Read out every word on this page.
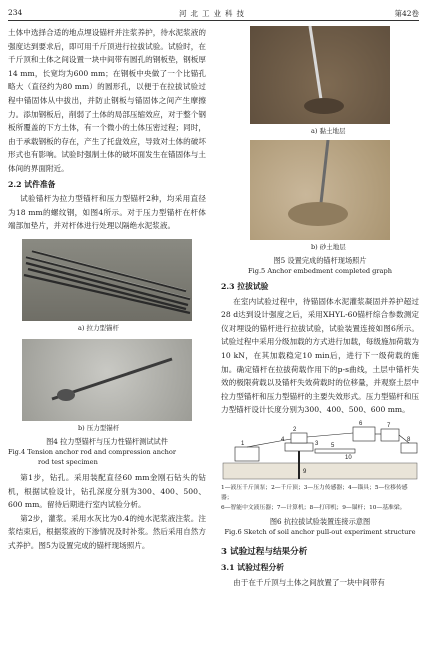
234	河北工业科技	第42卷

土体中选择合适的地点埋设锚杆并注浆养护，待水泥浆液的强度达到要求后，即可用千斤顶进行拉拔试验。试验时，在千斤顶和土体之间设置一块中间带有圆孔的钢板垫，钢板厚14 mm，长宽均为600 mm；在钢板中央做了一个比锚孔略大（直径约为80 mm）的圆形孔，以便于在拉拔试验过程中锚固体从中拔出，并防止钢板与锚固体之间产生摩擦力。添加钢板后，削弱了土体的局部压缩效应，对于整个钢板所覆盖的下方土体，有一个微小的土体压密过程；同时，由于承载钢板的存在，产生了托盘效应，导致对土体的破坏形式也有影响。试验时强制土体的破坏面发生在锚固体与土体间的界面附近。

2.2 试件准备

试验锚杆为拉力型锚杆和压力型锚杆2种，均采用直径为18 mm的螺纹钢，如图4所示。对于压力型锚杆在杆体端部加垫片，并对杆体进行处理以隔绝水泥浆液。

a) 拉力型锚杆
b) 压力型锚杆
图4 拉力型锚杆与压力性锚杆测试试件
Fig.4 Tension anchor rod and compression anchor
rod test specimen

第1步，钻孔。采用装配直径60 mm金刚石钻头的钻机，根据试验设计，钻孔深度分别为300、400、500、600 mm。留待后期进行室内试验分析。

第2步，灌浆。采用水灰比为0.4的纯水泥浆液注浆。注浆结束后，根据浆液的下渗情况及时补浆。然后采用自然方式养护。图5为设置完成的锚杆现场照片。

a) 黏土地层
b) 砂土地层
图5 设置完成的锚杆现场照片
Fig.5 Anchor embedment completed graph
2.3 拉拔试验

在室内试验过程中，待锚固体水泥灌浆凝固并养护超过28 d达到设计强度之后，采用XHYL-60锚杆综合参数测定仪对埋设的锚杆进行拉拔试验，试验装置连接如图6所示。试验过程中采用分级加载的方式进行加载，每级施加荷载为10 kN，在其加载稳定10 min后，进行下一级荷载的施加。确定锚杆在拉拔荷载作用下的p-s曲线，土层中锚杆失效的极限荷载以及锚杆失效荷载时的位移量，并观察土层中拉力型锚杆和压力型锚杆的主要失效形式。压力型锚杆和压力型锚杆设计长度分别为300、400、500、600 mm。

1
2
3
4
5
6	7
8
9
10
1—液压千斤顶泵；2—千斤顶；3—压力传感器；4—锚具；5—位移传感器；
6—智能中文液压器；7—计算机；8—打印机；9—锚杆；10—基准梁。
图6 抗拉拔试验装置连接示意图
Fig.6 Sketch of soil anchor pull-out experiment structure
3 试验过程与结果分析
3.1 试验过程分析

由于在千斤顶与土体之间放置了一块中间带有
